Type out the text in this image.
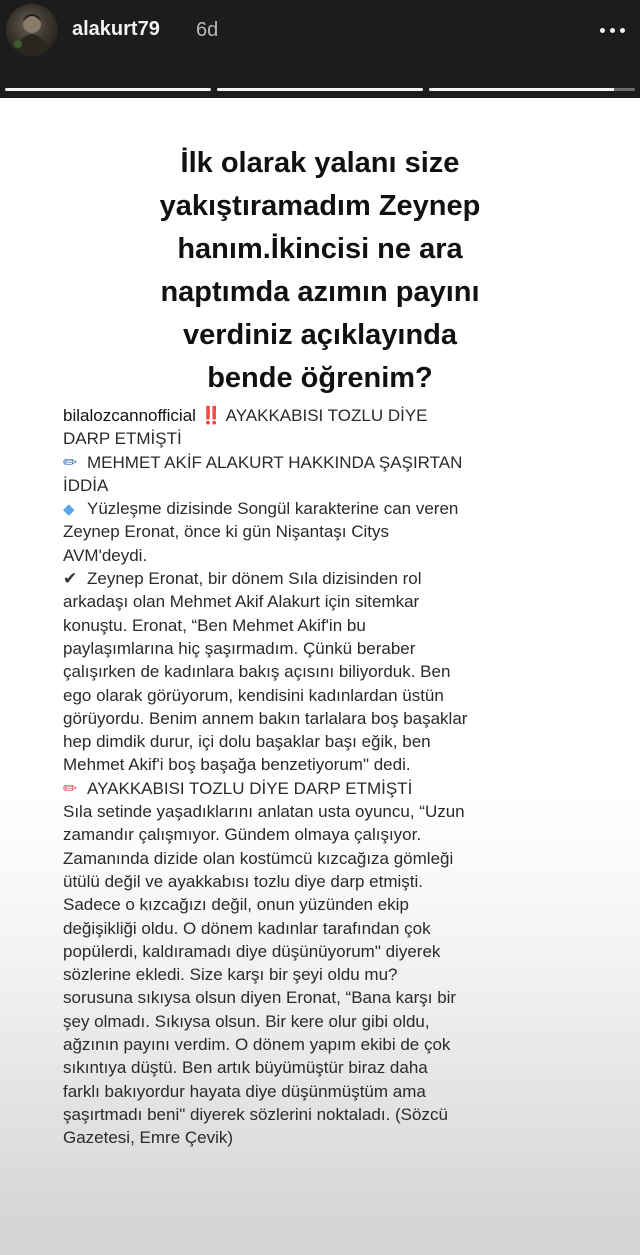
alakurt79 6d
İlk olarak yalanı size
yakıştıramadım Zeynep
hanım.İkincisi ne ara
naptımda azımın payını
verdiniz açıklayında
bende öğrenim?
bilalozcannofficial ‼️ AYAKKABISI TOZLU DİYE
DARP ETMİŞTİ
✏ MEHMET AKİF ALAKURT HAKKINDA ŞAŞIRTAN
İDDİA
◆ Yüzleşme dizisinde Songül karakterine can veren
Zeynep Eronat, önce ki gün Nişantaşı Citys
AVM'deydi.
✔ Zeynep Eronat, bir dönem Sıla dizisinden rol
arkadaşı olan Mehmet Akif Alakurt için sitemkar
konuştu. Eronat, “Ben Mehmet Akif'in bu
paylaşımlarına hiç şaşırmadım. Çünkü beraber
çalışırken de kadınlara bakış açısını biliyorduk. Ben
ego olarak görüyorum, kendisini kadınlardan üstün
görüyordu. Benim annem bakın tarlalara boş başaklar
hep dimdik durur, içi dolu başaklar başı eğik, ben
Mehmet Akif'i boş başağa benzetiyorum" dedi.
✏ AYAKKABISI TOZLU DİYE DARP ETMİŞTİ
Sıla setinde yaşadıklarını anlatan usta oyuncu, “Uzun
zamandır çalışmıyor. Gündem olmaya çalışıyor.
Zamanında dizide olan kostümcü kızcağıza gömleği
ütülü değil ve ayakkabısı tozlu diye darp etmişti.
Sadece o kızcağızı değil, onun yüzünden ekip
değişikliği oldu. O dönem kadınlar tarafından çok
popülerdi, kaldıramadı diye düşünüyorum" diyerek
sözlerine ekledi. Size karşı bir şeyi oldu mu?
sorusuna sıkıysa olsun diyen Eronat, “Bana karşı bir
şey olmadı. Sıkıysa olsun. Bir kere olur gibi oldu,
ağzının payını verdim. O dönem yapım ekibi de çok
sıkıntıya düştü. Ben artık büyümüştür biraz daha
farklı bakıyordur hayata diye düşünmüştüm ama
şaşırtmadı beni" diyerek sözlerini noktaladı. (Sözcü
Gazetesi, Emre Çevik)
